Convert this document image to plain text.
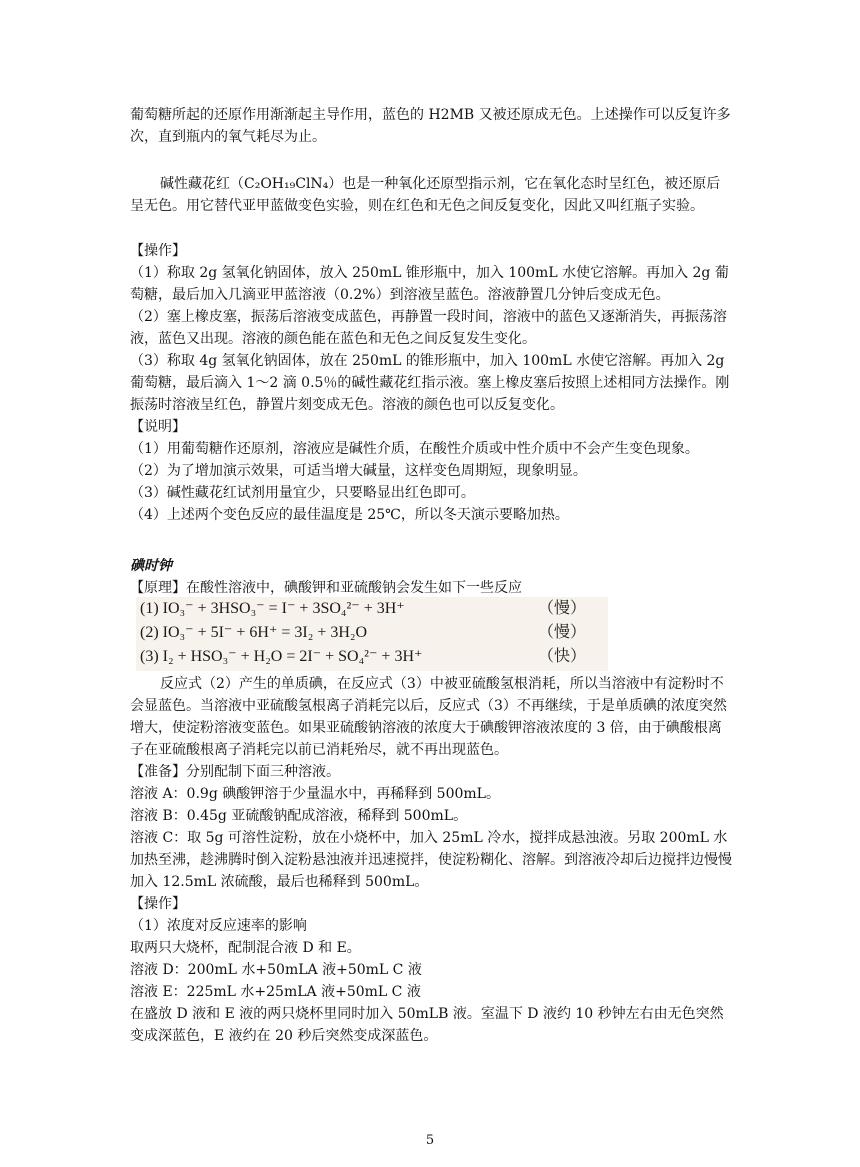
葡萄糖所起的还原作用渐渐起主导作用，蓝色的 H2MB 又被还原成无色。上述操作可以反复许多次，直到瓶内的氧气耗尽为止。

碱性藏花红（C₂OH₁₉ClN₄）也是一种氧化还原型指示剂，它在氧化态时呈红色，被还原后呈无色。用它替代亚甲蓝做变色实验，则在红色和无色之间反复变化，因此又叫红瓶子实验。

【操作】

（1）称取 2g 氢氧化钠固体，放入 250mL 锥形瓶中，加入 100mL 水使它溶解。再加入 2g 葡萄糖，最后加入几滴亚甲蓝溶液（0.2%）到溶液呈蓝色。溶液静置几分钟后变成无色。

（2）塞上橡皮塞，振荡后溶液变成蓝色，再静置一段时间，溶液中的蓝色又逐渐消失，再振荡溶液，蓝色又出现。溶液的颜色能在蓝色和无色之间反复发生变化。

（3）称取 4g 氢氧化钠固体，放在 250mL 的锥形瓶中，加入 100mL 水使它溶解。再加入 2g 葡萄糖，最后滴入 1～2 滴 0.5％的碱性藏花红指示液。塞上橡皮塞后按照上述相同方法操作。刚振荡时溶液呈红色，静置片刻变成无色。溶液的颜色也可以反复变化。

【说明】

（1）用葡萄糖作还原剂，溶液应是碱性介质，在酸性介质或中性介质中不会产生变色现象。

（2）为了增加演示效果，可适当增大碱量，这样变色周期短，现象明显。

（3）碱性藏花红试剂用量宜少，只要略显出红色即可。

（4）上述两个变色反应的最佳温度是 25℃，所以冬天演示要略加热。

碘时钟

【原理】在酸性溶液中，碘酸钾和亚硫酸钠会发生如下一些反应

(1) IO₃⁻ + 3HSO₃⁻ = I⁻ + 3SO₄²⁻ + 3H⁺	（慢）
(2) IO₃⁻ + 5I⁻ + 6H⁺ = 3I₂ + 3H₂O	（慢）
(3) I₂ + HSO₃⁻ + H₂O = 2I⁻ + SO₄²⁻ + 3H⁺	（快）

反应式（2）产生的单质碘，在反应式（3）中被亚硫酸氢根消耗，所以当溶液中有淀粉时不会显蓝色。当溶液中亚硫酸氢根离子消耗完以后，反应式（3）不再继续，于是单质碘的浓度突然增大，使淀粉溶液变蓝色。如果亚硫酸钠溶液的浓度大于碘酸钾溶液浓度的 3 倍，由于碘酸根离子在亚硫酸根离子消耗完以前已消耗殆尽，就不再出现蓝色。

【准备】分别配制下面三种溶液。

溶液 A：0.9g 碘酸钾溶于少量温水中，再稀释到 500mL。

溶液 B：0.45g 亚硫酸钠配成溶液，稀释到 500mL。

溶液 C：取 5g 可溶性淀粉，放在小烧杯中，加入 25mL 冷水，搅拌成悬浊液。另取 200mL 水加热至沸，趁沸腾时倒入淀粉悬浊液并迅速搅拌，使淀粉糊化、溶解。到溶液冷却后边搅拌边慢慢加入 12.5mL 浓硫酸，最后也稀释到 500mL。

【操作】

（1）浓度对反应速率的影响

取两只大烧杯，配制混合液 D 和 E。

溶液 D：200mL 水+50mLA 液+50mL C 液

溶液 E：225mL 水+25mLA 液+50mL C 液

在盛放 D 液和 E 液的两只烧杯里同时加入 50mLB 液。室温下 D 液约 10 秒钟左右由无色突然变成深蓝色，E 液约在 20 秒后突然变成深蓝色。

5
